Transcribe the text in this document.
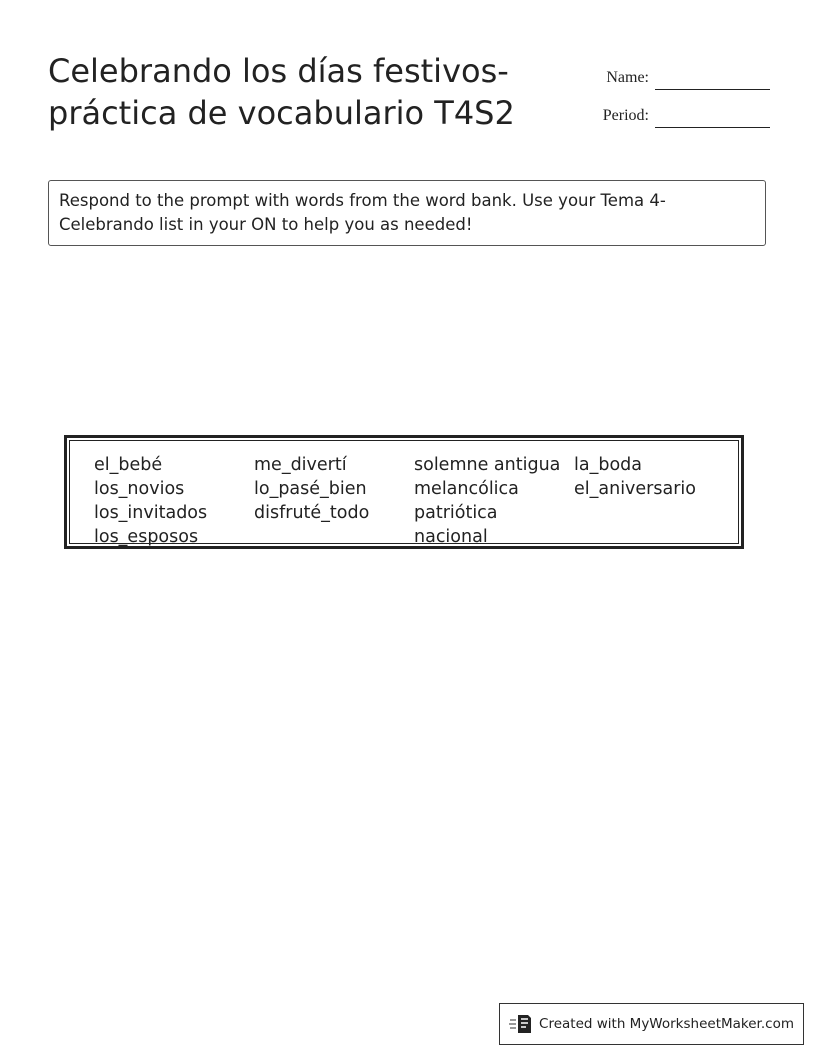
Celebrando los días festivos-
práctica de vocabulario T4S2
Name:
Period:
Respond to the prompt with words from the word bank. Use your Tema 4-Celebrando list in your ON to help you as needed!
el_bebé
los_novios
los_invitados
los_esposos
me_divertí
lo_pasé_bien
disfruté_todo
solemne antigua
melancólica
patriótica
nacional
la_boda
el_aniversario
Created with MyWorksheetMaker.com
